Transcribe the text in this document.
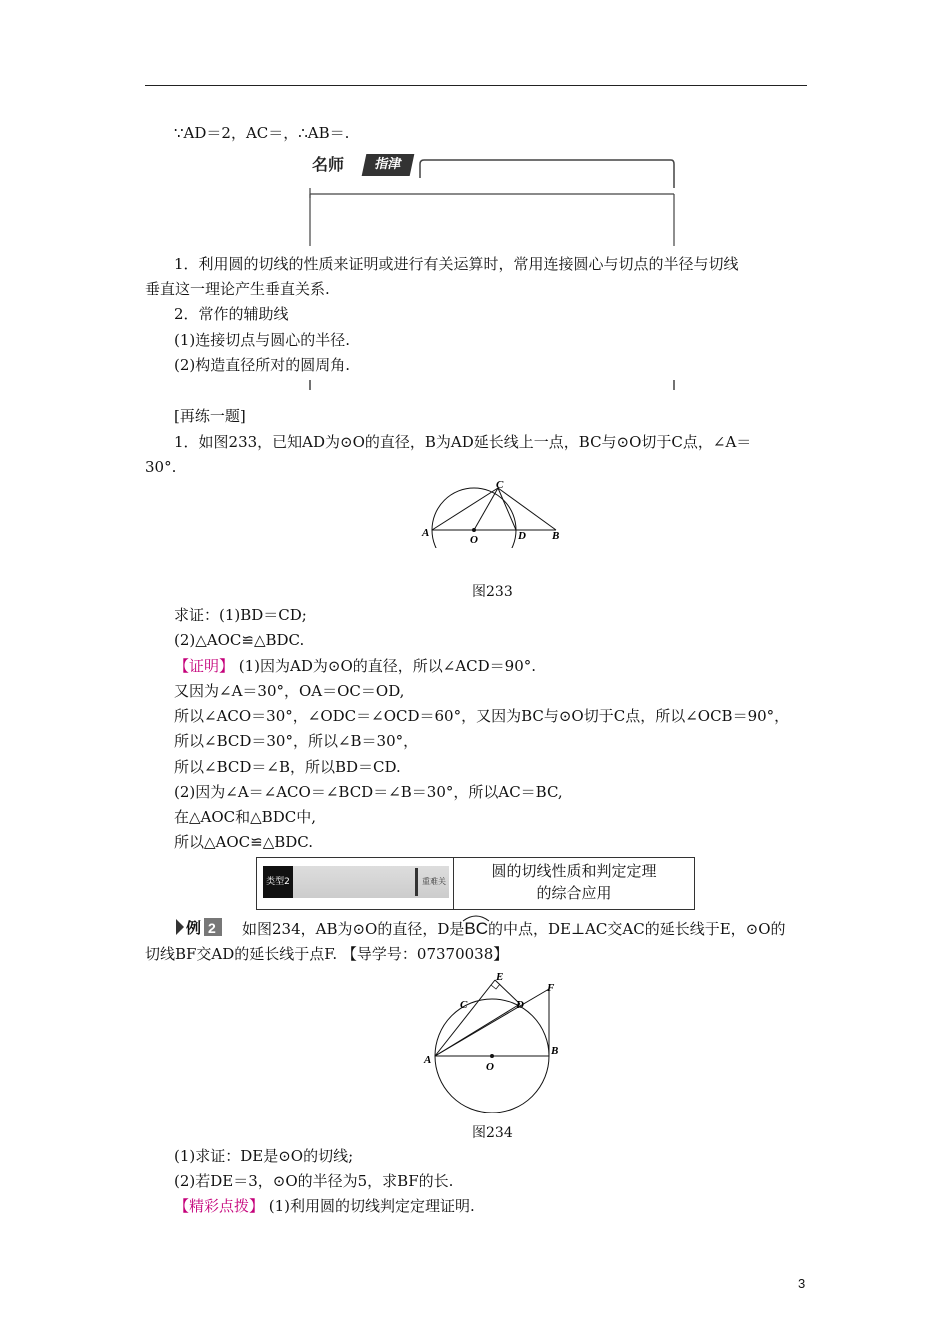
∵AD＝2，AC＝，∴AB＝.
名师	指津
1．利用圆的切线的性质来证明或进行有关运算时，常用连接圆心与切点的半径与切线
垂直这一理论产生垂直关系.
2．常作的辅助线
(1)连接切点与圆心的半径.
(2)构造直径所对的圆周角.
[再练一题]
1．如图233，已知AD为⊙O的直径，B为AD延长线上一点，BC与⊙O切于C点，∠A＝
30°.
A
O	D B
C
图233
求证：(1)BD＝CD;
(2)△AOC≌△BDC.
【证明】 (1)因为AD为⊙O的直径，所以∠ACD＝90°.
又因为∠A＝30°，OA＝OC＝OD,
所以∠ACO＝30°，∠ODC＝∠OCD＝60°，又因为BC与⊙O切于C点，所以∠OCB＝90°，
所以∠BCD＝30°，所以∠B＝30°，
所以∠BCD＝∠B，所以BD＝CD.
(2)因为∠A＝∠ACO＝∠BCD＝∠B＝30°，所以AC＝BC,
在△AOC和△BDC中,
所以△AOC≌△BDC.
类型2	重难关
圆的切线性质和判定定理
的综合应用
例 2 如图234，AB为⊙O的直径，D是BC
的中点，DE⊥AC交AC的延长线于E，⊙O的
切线BF交AD的延长线于点F. 【导学号：07370038】
A
B
C	D
E
F
O
图234
(1)求证：DE是⊙O的切线;
(2)若DE＝3，⊙O的半径为5，求BF的长.
【精彩点拨】 (1)利用圆的切线判定定理证明.
3
